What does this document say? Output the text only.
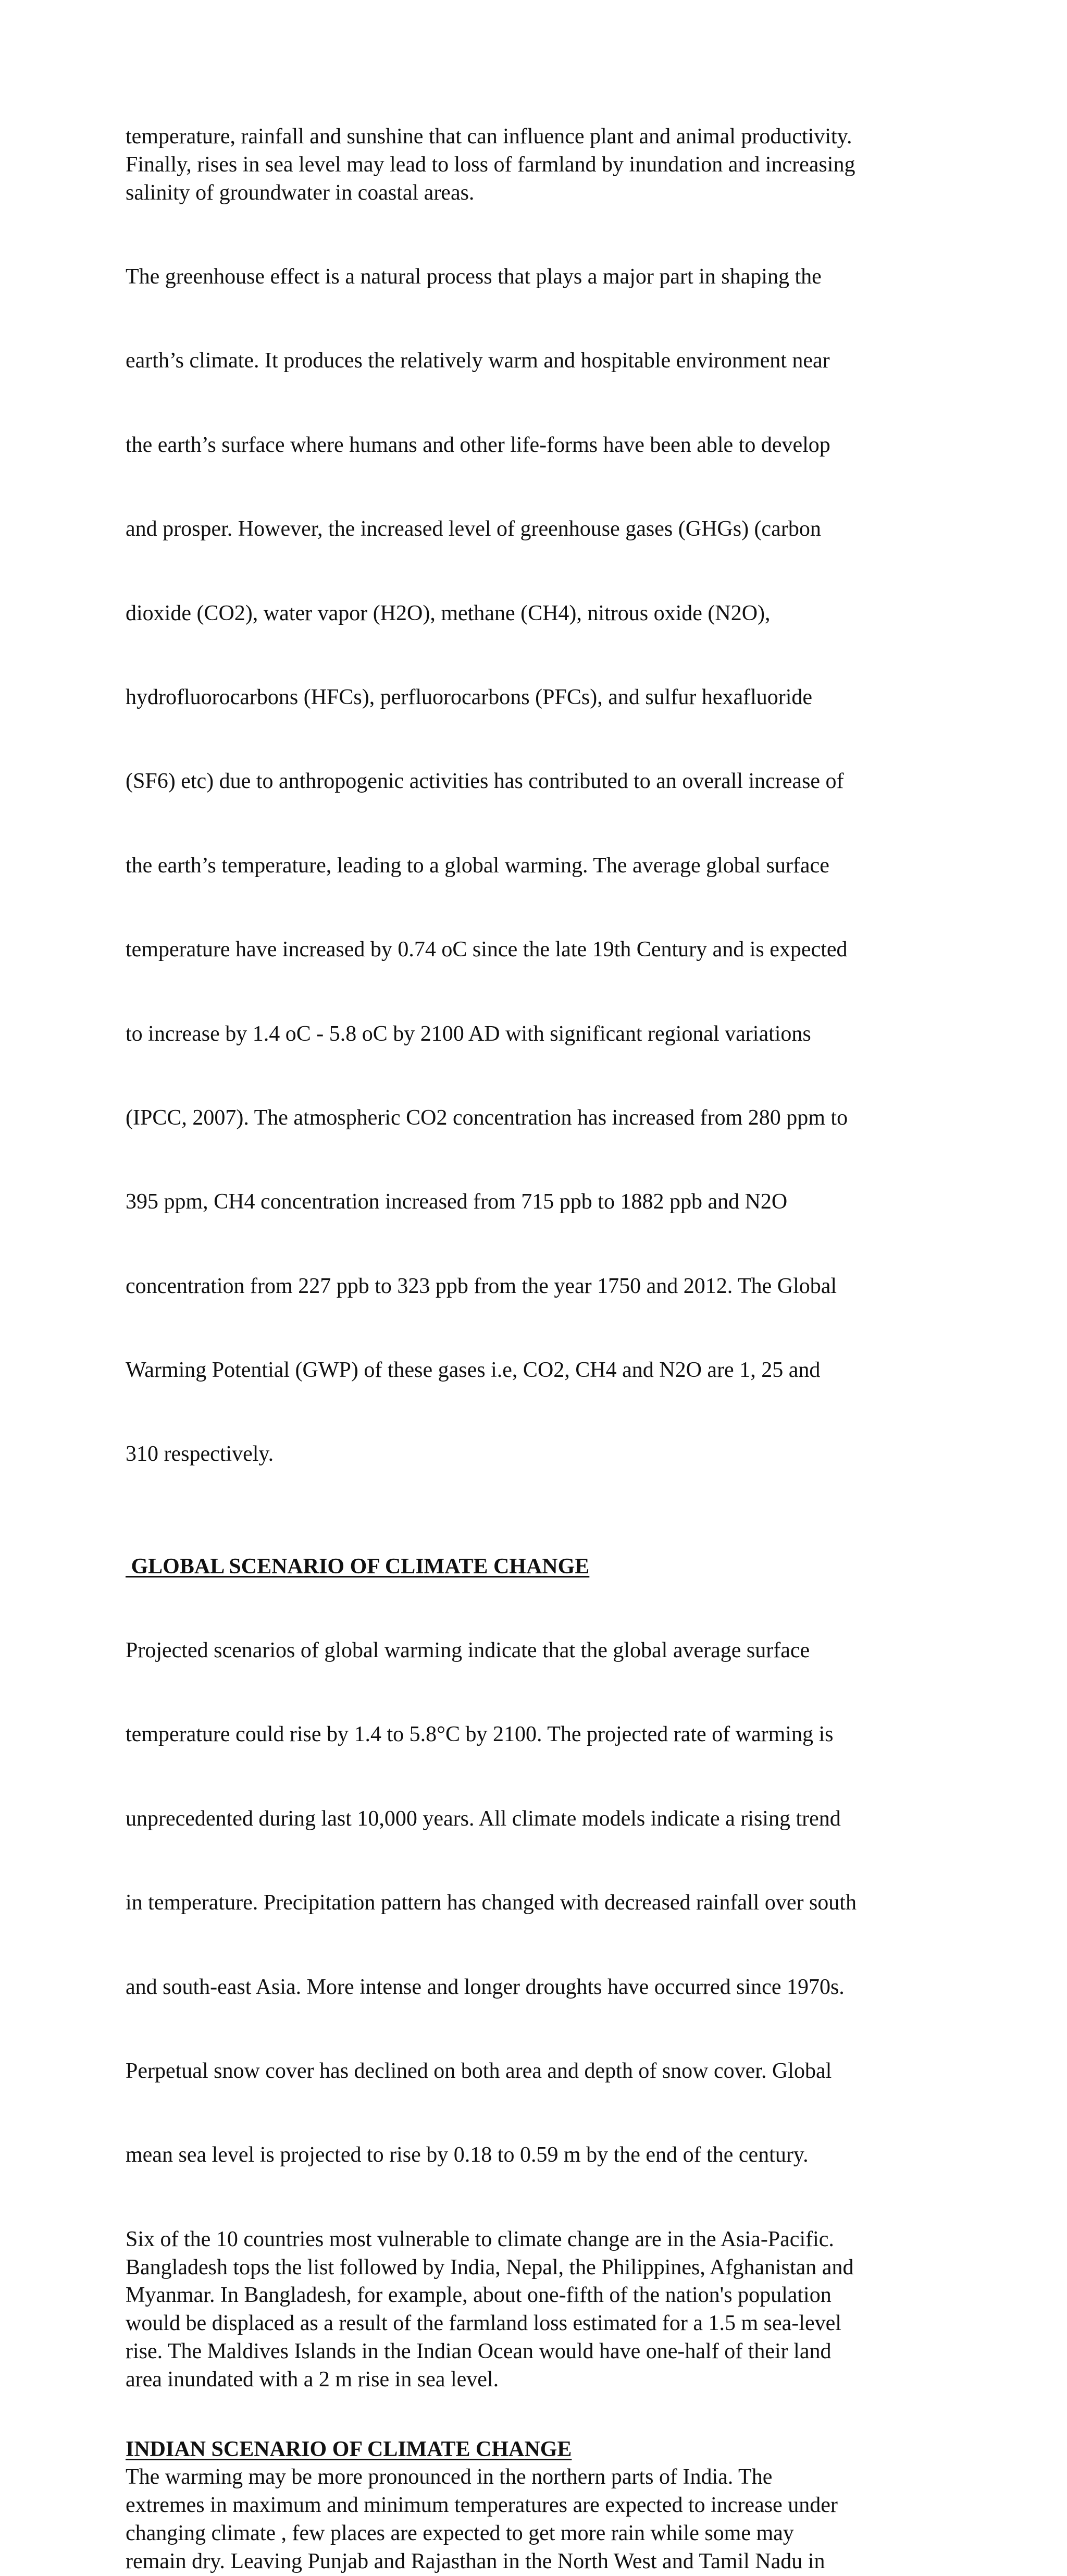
temperature, rainfall and sunshine that can influence plant and animal productivity.
Finally, rises in sea level may lead to loss of farmland by inundation and increasing
salinity of groundwater in coastal areas.

The greenhouse effect is a natural process that plays a major part in shaping the

earth’s climate. It produces the relatively warm and hospitable environment near

the earth’s surface where humans and other life-forms have been able to develop

and prosper. However, the increased level of greenhouse gases (GHGs) (carbon

dioxide (CO2), water vapor (H2O), methane (CH4), nitrous oxide (N2O),

hydrofluorocarbons (HFCs), perfluorocarbons (PFCs), and sulfur hexafluoride

(SF6) etc) due to anthropogenic activities has contributed to an overall increase of

the earth’s temperature, leading to a global warming. The average global surface

temperature have increased by 0.74 oC since the late 19th Century and is expected

to increase by 1.4 oC - 5.8 oC by 2100 AD with significant regional variations

(IPCC, 2007). The atmospheric CO2 concentration has increased from 280 ppm to

395 ppm, CH4 concentration increased from 715 ppb to 1882 ppb and N2O

concentration from 227 ppb to 323 ppb from the year 1750 and 2012. The Global

Warming Potential (GWP) of these gases i.e, CO2, CH4 and N2O are 1, 25 and

310 respectively.

GLOBAL SCENARIO OF CLIMATE CHANGE

Projected scenarios of global warming indicate that the global average surface

temperature could rise by 1.4 to 5.8°C by 2100. The projected rate of warming is

unprecedented during last 10,000 years. All climate models indicate a rising trend

in temperature. Precipitation pattern has changed with decreased rainfall over south

and south-east Asia. More intense and longer droughts have occurred since 1970s.

Perpetual snow cover has declined on both area and depth of snow cover. Global

mean sea level is projected to rise by 0.18 to 0.59 m by the end of the century.

Six of the 10 countries most vulnerable to climate change are in the Asia-Pacific.
Bangladesh tops the list followed by India, Nepal, the Philippines, Afghanistan and
Myanmar. In Bangladesh, for example, about one-fifth of the nation's population
would be displaced as a result of the farmland loss estimated for a 1.5 m sea-level
rise. The Maldives Islands in the Indian Ocean would have one-half of their land
area inundated with a 2 m rise in sea level.
INDIAN SCENARIO OF CLIMATE CHANGE
The warming may be more pronounced in the northern parts of India. The
extremes in maximum and minimum temperatures are expected to increase under
changing climate , few places are expected to get more rain while some may
remain dry. Leaving Punjab and Rajasthan in the North West and Tamil Nadu in
